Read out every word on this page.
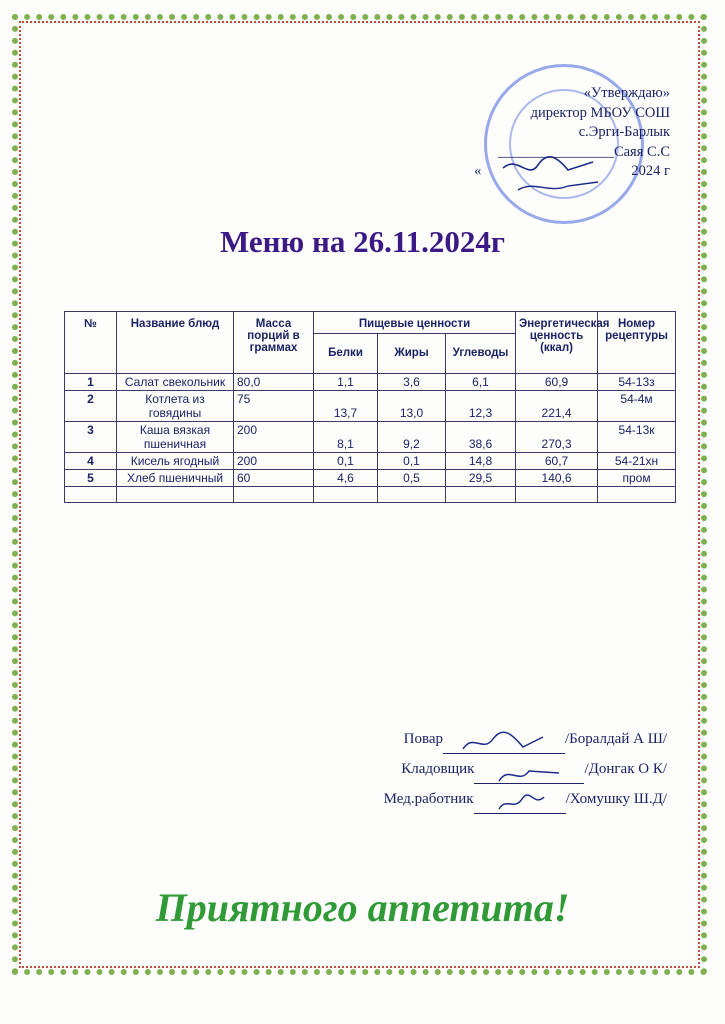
«Утверждаю»
директор МБОУ СОШ
с.Эрги-Барлык
________________Саяя С.С
«	2024 г
Меню на 26.11.2024г
№	Название блюд	Масса порций в граммах	Пищевые ценности			Энергетическая ценность (ккал)	Номер рецептуры
			Белки	Жиры	Углеводы		
1	Салат свекольник	80,0	1,1	3,6	6,1	60,9	54-13з
2	Котлета из говядины	75	13,7	13,0	12,3	221,4	54-4м
3	Каша вязкая пшеничная	200	8,1	9,2	38,6	270,3	54-13к
4	Кисель ягодный	200	0,1	0,1	14,8	60,7	54-21хн
5	Хлеб пшеничный	60	4,6	0,5	29,5	140,6	пром

Повар	/Боралдай А Ш/
Кладовщик	/Донгак О К/
Мед.работник	/Хомушку Ш.Д/
Приятного аппетита!
